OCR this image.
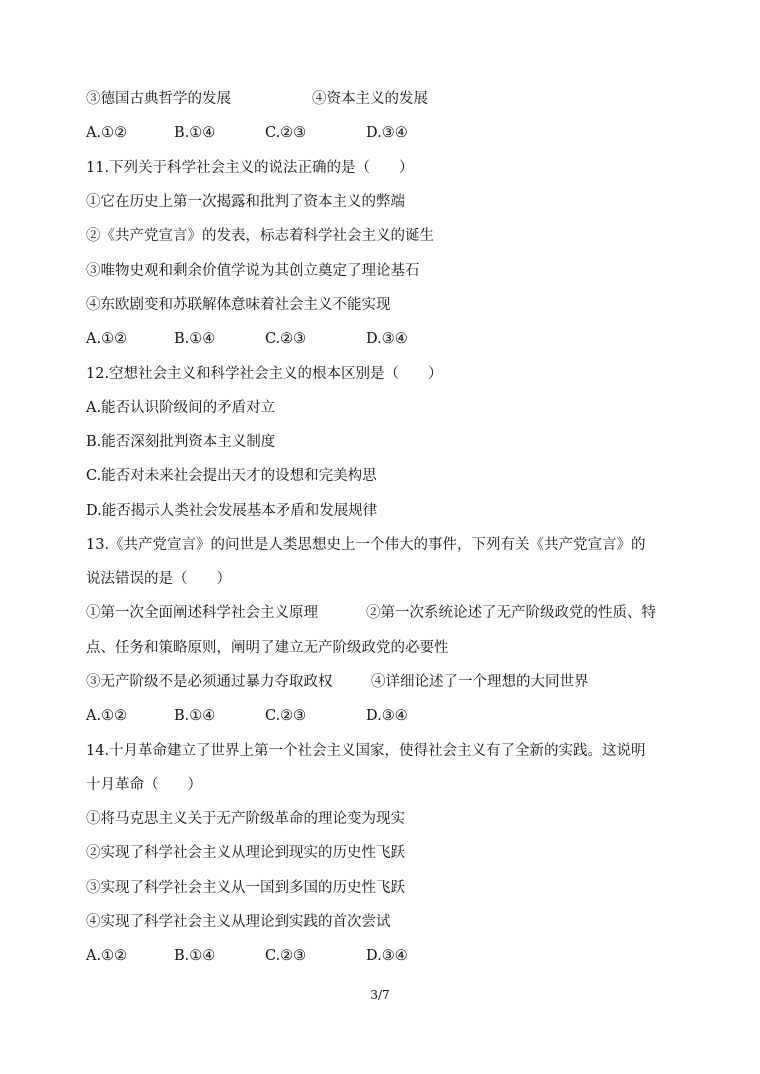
③德国古典哲学的发展	④资本主义的发展
A.①②	B.①④	C.②③	D.③④
11.下列关于科学社会主义的说法正确的是（　　）
①它在历史上第一次揭露和批判了资本主义的弊端
②《共产党宣言》的发表，标志着科学社会主义的诞生
③唯物史观和剩余价值学说为其创立奠定了理论基石
④东欧剧变和苏联解体意味着社会主义不能实现
A.①②	B.①④	C.②③	D.③④
12.空想社会主义和科学社会主义的根本区别是（　　）
A.能否认识阶级间的矛盾对立
B.能否深刻批判资本主义制度
C.能否对未来社会提出天才的设想和完美构思
D.能否揭示人类社会发展基本矛盾和发展规律
13.《共产党宣言》的问世是人类思想史上一个伟大的事件，下列有关《共产党宣言》的
说法错误的是（　　）
①第一次全面阐述科学社会主义原理	②第一次系统论述了无产阶级政党的性质、特
点、任务和策略原则，阐明了建立无产阶级政党的必要性
③无产阶级不是必须通过暴力夺取政权	④详细论述了一个理想的大同世界
A.①②	B.①④	C.②③	D.③④
14.十月革命建立了世界上第一个社会主义国家，使得社会主义有了全新的实践。这说明
十月革命（　　）
①将马克思主义关于无产阶级革命的理论变为现实
②实现了科学社会主义从理论到现实的历史性飞跃
③实现了科学社会主义从一国到多国的历史性飞跃
④实现了科学社会主义从理论到实践的首次尝试
A.①②	B.①④	C.②③	D.③④
3/7
